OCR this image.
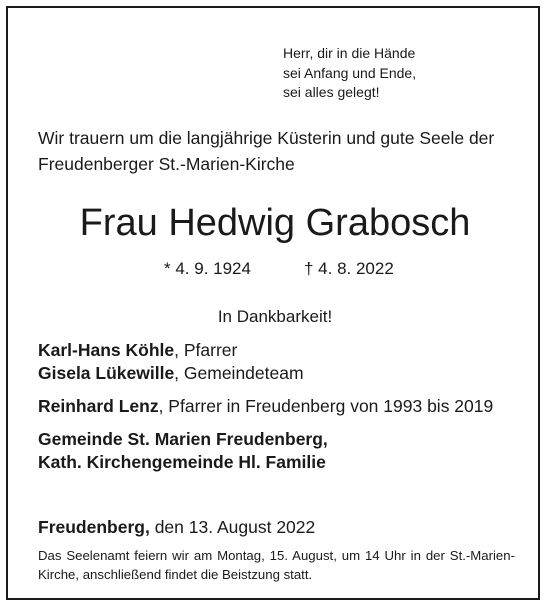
Herr, dir in die Hände
sei Anfang und Ende,
sei alles gelegt!
Wir trauern um die langjährige Küsterin und gute Seele der
Freudenberger St.-Marien-Kirche
Frau Hedwig Grabosch
* 4. 9. 1924	† 4. 8. 2022
In Dankbarkeit!
Karl-Hans Köhle, Pfarrer
Gisela Lükewille, Gemeindeteam
Reinhard Lenz, Pfarrer in Freudenberg von 1993 bis 2019
Gemeinde St. Marien Freudenberg,
Kath. Kirchengemeinde Hl. Familie
Freudenberg, den 13. August 2022
Das Seelenamt feiern wir am Montag, 15. August, um 14 Uhr in der St.-Marien-Kirche, anschließend findet die Beistzung statt.
